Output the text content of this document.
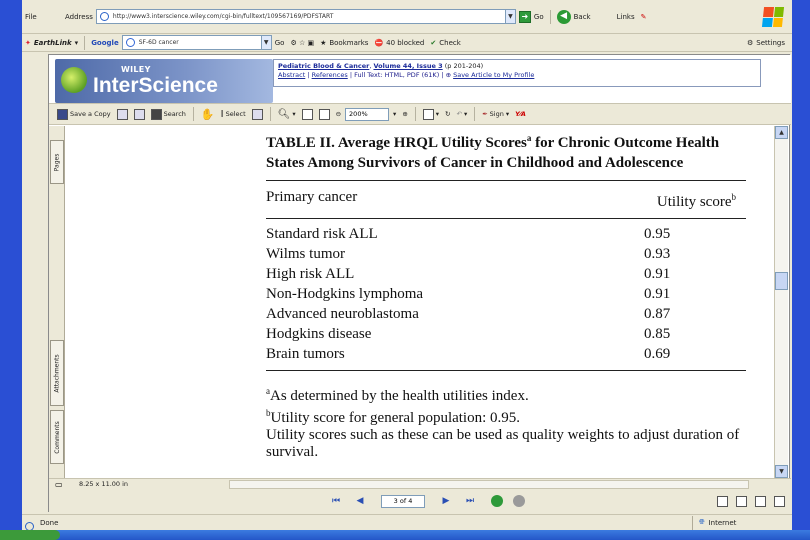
File	Address	http://www3.interscience.wiley.com/cgi-bin/fulltext/109567169/PDFSTART	▼	➜ Go	◀ Back	Links ✎
✦ EarthLink ▾	Google	SF-6D cancer	▼ Go ⚙ ☆ ▣ ★ Bookmarks ⛔ 40 blocked ✔ Check	⚙ Settings
WILEY
InterScience
Pediatric Blood & Cancer, Volume 44, Issue 3 (p 201-204)
Abstract | References | Full Text: HTML, PDF (61K) | ⊕ Save Article to My Profile
Save a Copy	Search ✋ I Select	🔍︎ ▾	⊖	200%	▾ ⊕	▾ ↻ ↶ ▾	✒ Sign ▾ Y⁄A
Pages
Attachments
Comments
TABLE II. Average HRQL Utility Scores$^a$ for Chronic Outcome Health States Among Survivors of Cancer in Childhood and Adolescence
Primary cancer	Utility score$^b$
Standard risk ALL	0.95
Wilms tumor	0.93
High risk ALL	0.91
Non-Hodgkins lymphoma	0.91
Advanced neuroblastoma	0.87
Hodgkins disease	0.85
Brain tumors	0.69
$^a$As determined by the health utilities index.
$^b$Utility score for general population: 0.95.
Utility scores such as these can be used as quality weights to adjust duration of survival.
▲
▼
▭	8.25 x 11.00 in
⏮	◀	3 of 4	▶	⏭
Done	🌐︎ Internet
